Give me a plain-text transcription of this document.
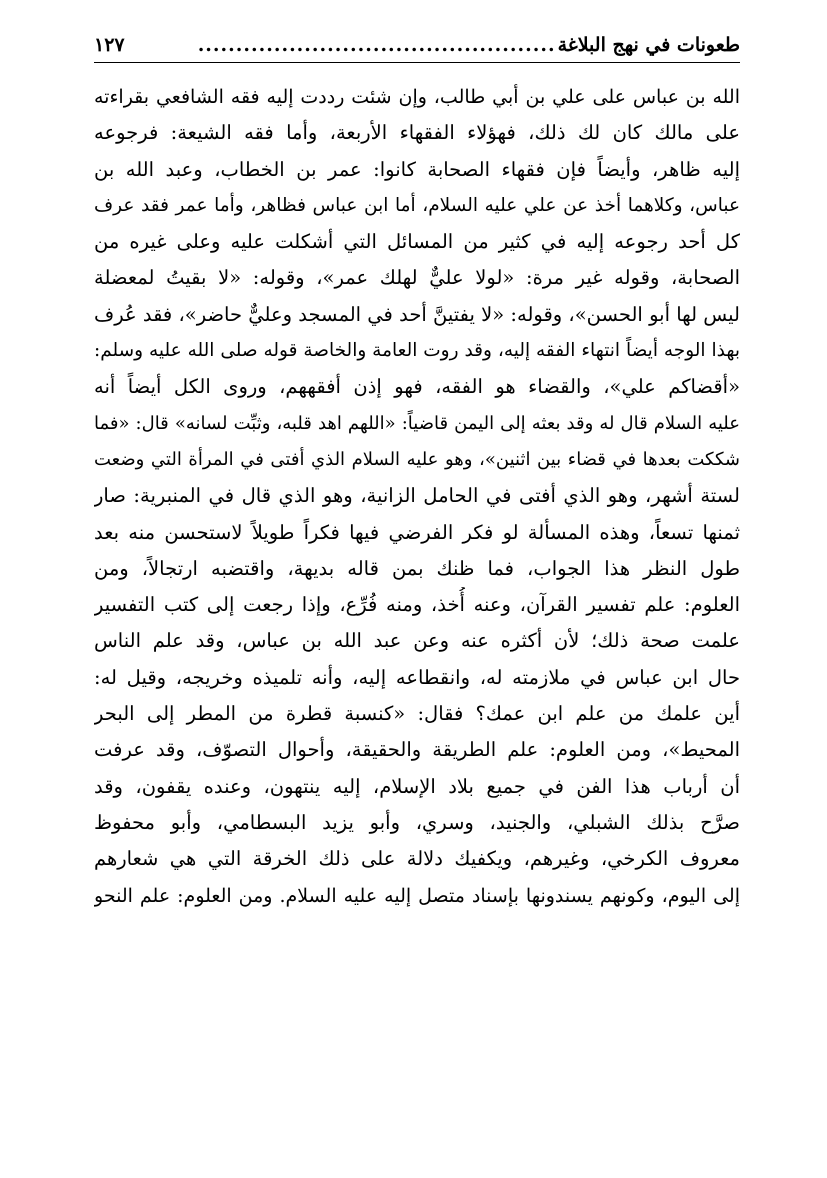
طعونات في نهج البلاغة
...............................................
١٢٧
الله بن عباس على علي بن أبي طالب، وإن شئت رددت إليه فقه الشافعي بقراءته
على مالك كان لك ذلك، فهؤلاء الفقهاء الأربعة، وأما فقه الشيعة: فرجوعه
إليه ظاهر، وأيضاً فإن فقهاء الصحابة كانوا: عمر بن الخطاب، وعبد الله بن
عباس، وكلاهما أخذ عن علي عليه السلام، أما ابن عباس فظاهر، وأما عمر فقد عرف
كل أحد رجوعه إليه في كثير من المسائل التي أشكلت عليه وعلى غيره من
الصحابة، وقوله غير مرة: «لولا عليٌّ لهلك عمر»، وقوله: «لا بقيتُ لمعضلة
ليس لها أبو الحسن»، وقوله: «لا يفتينَّ أحد في المسجد وعليٌّ حاضر»، فقد عُرف
بهذا الوجه أيضاً انتهاء الفقه إليه، وقد روت العامة والخاصة قوله صلى الله عليه وسلم:
«أقضاكم علي»، والقضاء هو الفقه، فهو إذن أفقههم، وروى الكل أيضاً أنه
عليه السلام قال له وقد بعثه إلى اليمن قاضياً: «اللهم اهد قلبه، وثبِّت لسانه» قال: «فما
شككت بعدها في قضاء بين اثنين»، وهو عليه السلام الذي أفتى في المرأة التي وضعت
لستة أشهر، وهو الذي أفتى في الحامل الزانية، وهو الذي قال في المنبرية: صار
ثمنها تسعاً، وهذه المسألة لو فكر الفرضي فيها فكراً طويلاً لاستحسن منه بعد
طول النظر هذا الجواب، فما ظنك بمن قاله بديهة، واقتضبه ارتجالاً، ومن
العلوم: علم تفسير القرآن، وعنه أُخذ، ومنه فُرِّع، وإذا رجعت إلى كتب التفسير
علمت صحة ذلك؛ لأن أكثره عنه وعن عبد الله بن عباس، وقد علم الناس
حال ابن عباس في ملازمته له، وانقطاعه إليه، وأنه تلميذه وخريجه، وقيل له:
أين علمك من علم ابن عمك؟ فقال: «كنسبة قطرة من المطر إلى البحر
المحيط»، ومن العلوم: علم الطريقة والحقيقة، وأحوال التصوّف، وقد عرفت
أن أرباب هذا الفن في جميع بلاد الإسلام، إليه ينتهون، وعنده يقفون، وقد
صرَّح بذلك الشبلي، والجنيد، وسري، وأبو يزيد البسطامي، وأبو محفوظ
معروف الكرخي، وغيرهم، ويكفيك دلالة على ذلك الخرقة التي هي شعارهم
إلى اليوم، وكونهم يسندونها بإسناد متصل إليه عليه السلام. ومن العلوم: علم النحو
